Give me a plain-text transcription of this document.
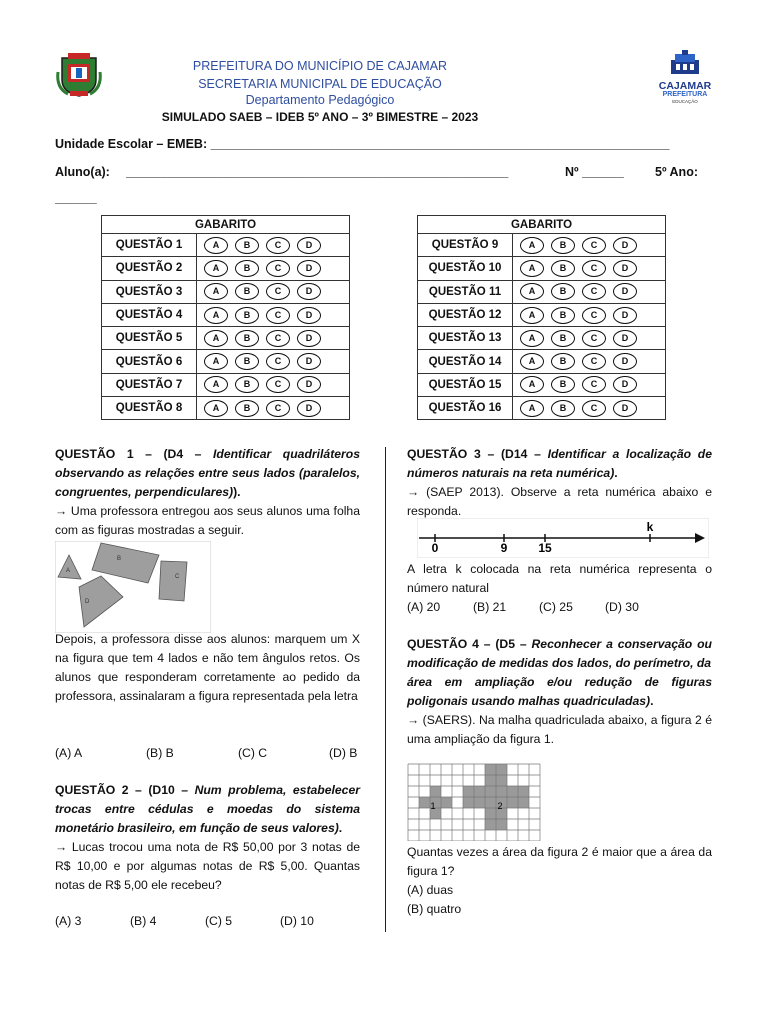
PREFEITURA DO MUNICÍPIO DE CAJAMAR
SECRETARIA MUNICIPAL DE EDUCAÇÃO
Departamento Pedagógico
SIMULADO SAEB – IDEB 5º ANO – 3º BIMESTRE – 2023
CAJAMAR
PREFEITURA
EDUCAÇÃO
Unidade Escolar – EMEB: __________________________________________________________________
Aluno(a): _______________________________________________________	Nº ______ 5º Ano:
______
GABARITO	
QUESTÃO 1	A B C D
QUESTÃO 2	A B C D
QUESTÃO 3	A B C D
QUESTÃO 4	A B C D
QUESTÃO 5	A B C D
QUESTÃO 6	A B C D
QUESTÃO 7	A B C D
QUESTÃO 8	A B C D
GABARITO	
QUESTÃO 9	A B C D
QUESTÃO 10	A B C D
QUESTÃO 11	A B C D
QUESTÃO 12	A B C D
QUESTÃO 13	A B C D
QUESTÃO 14	A B C D
QUESTÃO 15	A B C D
QUESTÃO 16	A B C D

QUESTÃO 1 – (D4 – Identificar quadriláteros observando as relações entre seus lados (paralelos, congruentes, perpendiculares)).

→ Uma professora entregou aos seus alunos uma folha com as figuras mostradas a seguir.

A
B
C
D

Depois, a professora disse aos alunos: marquem um X na figura que tem 4 lados e não tem ângulos retos. Os alunos que responderam corretamente ao pedido da professora, assinalaram a figura representada pela letra

(A) A	(B) B	(C) C	(D) B

QUESTÃO 2 – (D10 – Num problema, estabelecer trocas entre cédulas e moedas do sistema monetário brasileiro, em função de seus valores).

→ Lucas trocou uma nota de R$ 50,00 por 3 notas de R$ 10,00 e por algumas notas de R$ 5,00. Quantas notas de R$ 5,00 ele recebeu?

(A) 3	(B) 4	(C) 5	(D) 10

QUESTÃO 3 – (D14 – Identificar a localização de números naturais na reta numérica).

→ (SAEP 2013). Observe a reta numérica abaixo e responda.

0	9	15
k

A letra k colocada na reta numérica representa o número natural

(A) 20	(B) 21	(C) 25	(D) 30

QUESTÃO 4 – (D5 – Reconhecer a conservação ou modificação de medidas dos lados, do perímetro, da

área em ampliação e/ou redução de figuras poligonais usando malhas quadriculadas).

→ (SAERS). Na malha quadriculada abaixo, a figura 2 é uma ampliação da figura 1.

1	2

Quantas vezes a área da figura 2 é maior que a área da figura 1?

(A) duas

(B) quatro
